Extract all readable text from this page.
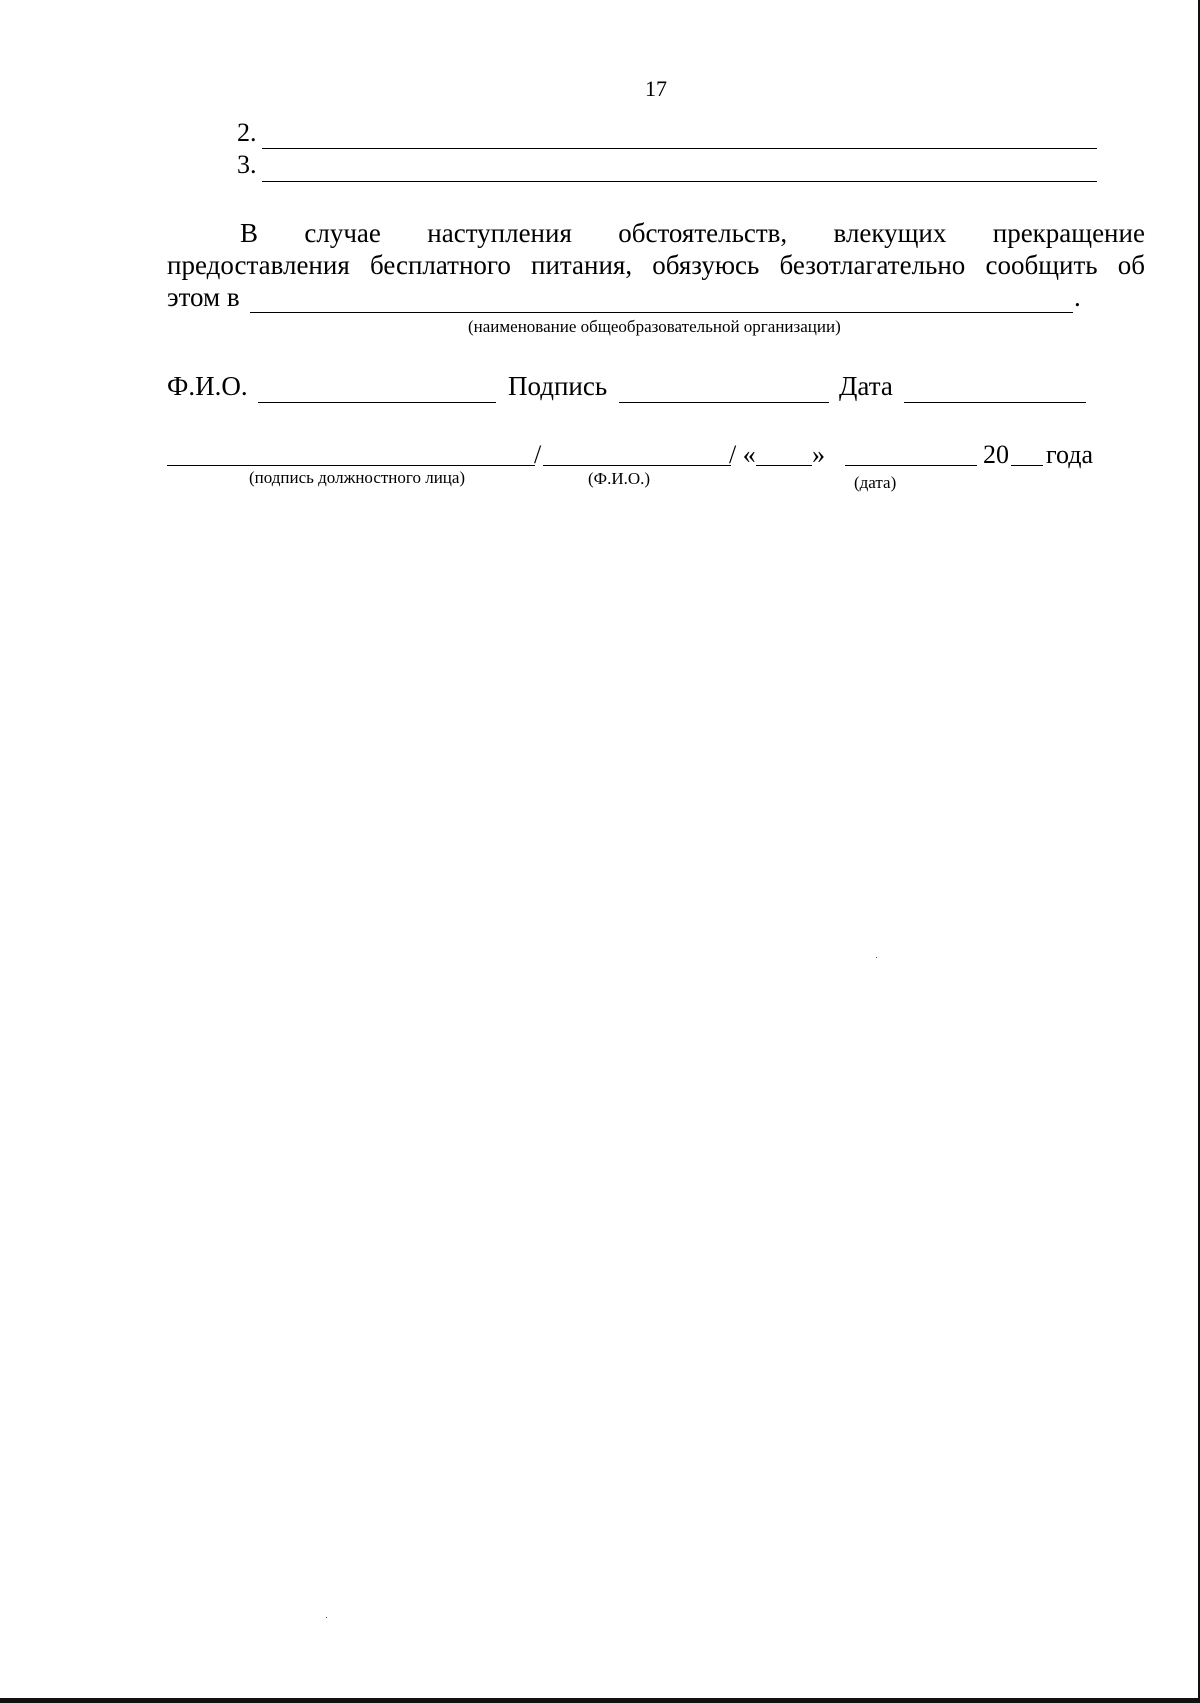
17
2.
3.
В случае наступления обстоятельств, влекущих прекращение
предоставления бесплатного питания, обязуюсь безотлагательно сообщить об
этом в	.
(наименование общеобразовательной организации)
Ф.И.О.	Подпись	Дата
/	/ « »	20 года
(подпись должностного лица)	(Ф.И.О.)	(дата)
